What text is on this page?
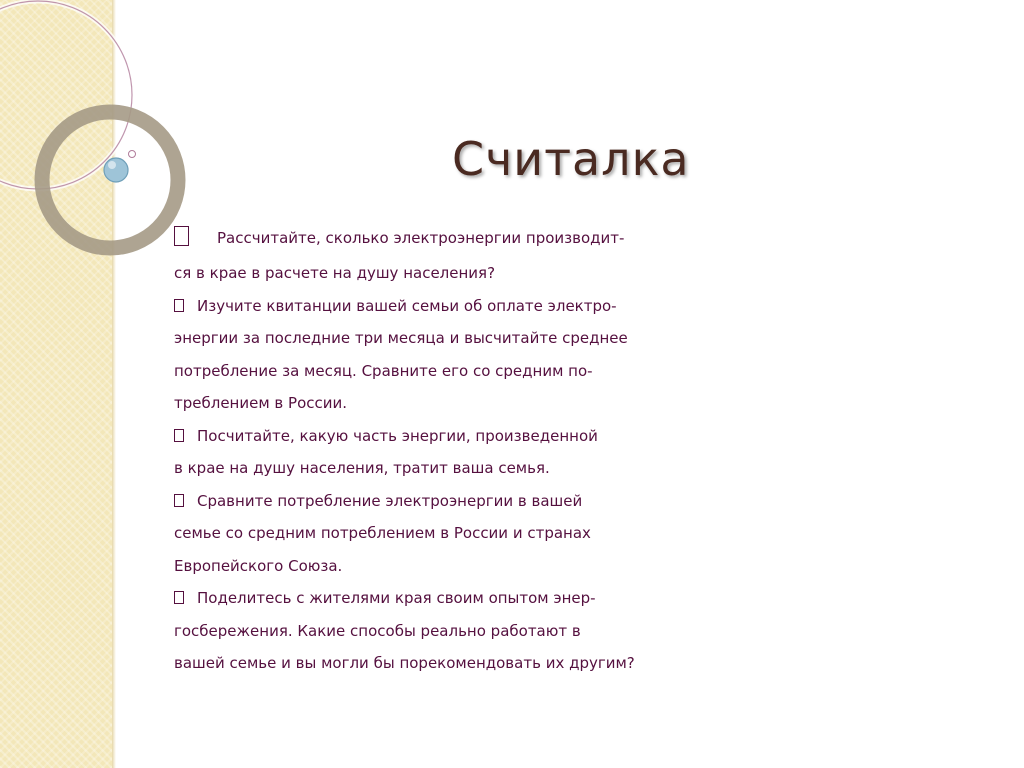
Считалка
Рассчитайте, сколько электроэнергии производит-
ся в крае в расчете на душу населения?
Изучите квитанции вашей семьи об оплате электро-
энергии за последние три месяца и высчитайте среднее
потребление за месяц. Сравните его со средним по-
треблением в России.
Посчитайте, какую часть энергии, произведенной
в крае на душу населения, тратит ваша семья.
Сравните потребление электроэнергии в вашей
семье со средним потреблением в России и странах
Европейского Союза.
Поделитесь с жителями края своим опытом энер-
госбережения. Какие способы реально работают в
вашей семье и вы могли бы порекомендовать их другим?
